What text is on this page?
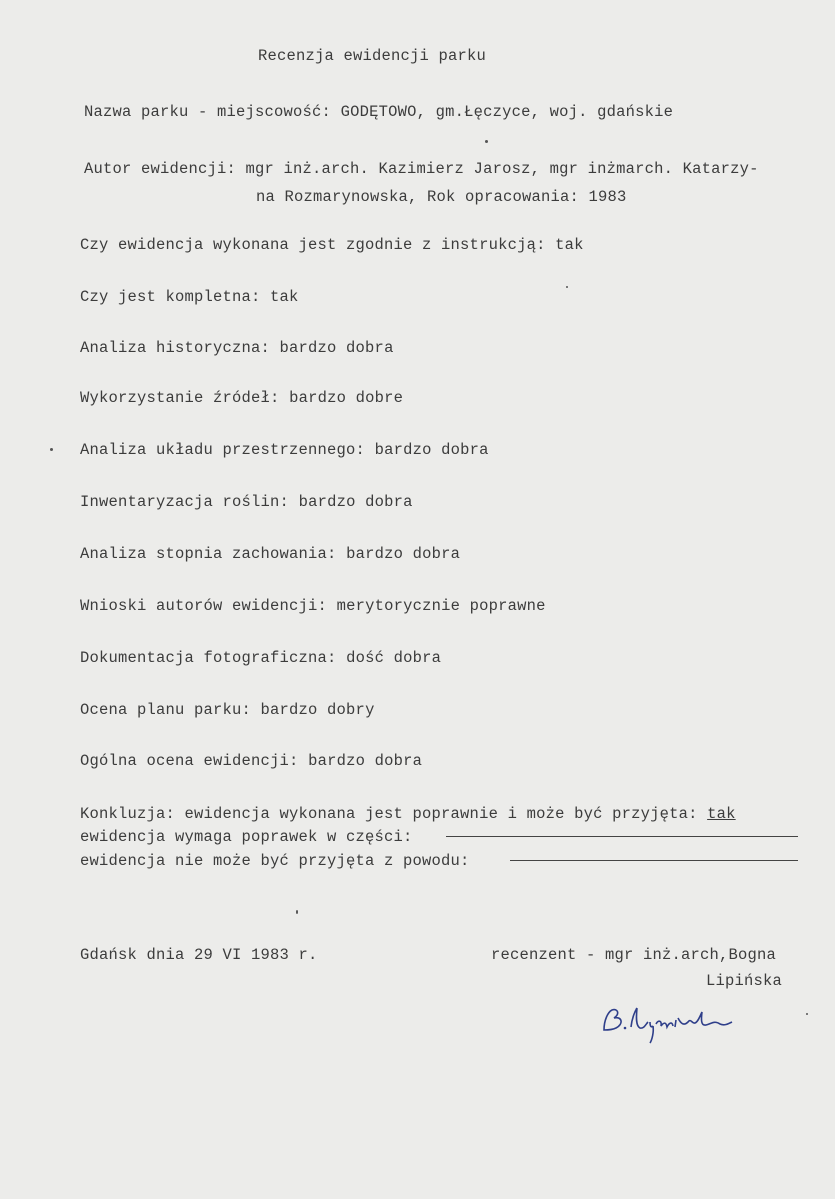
Recenzja ewidencji parku
Nazwa parku - miejscowość: GODĘTOWO, gm.Łęczyce, woj. gdańskie
Autor ewidencji: mgr inż.arch. Kazimierz Jarosz, mgr inżmarch. Katarzy-
na Rozmarynowska, Rok opracowania: 1983
Czy ewidencja wykonana jest zgodnie z instrukcją: tak
Czy jest kompletna: tak
Analiza historyczna: bardzo dobra
Wykorzystanie źródeł: bardzo dobre
Analiza układu przestrzennego: bardzo dobra
Inwentaryzacja roślin: bardzo dobra
Analiza stopnia zachowania: bardzo dobra
Wnioski autorów ewidencji: merytorycznie poprawne
Dokumentacja fotograficzna: dość dobra
Ocena planu parku: bardzo dobry
Ogólna ocena ewidencji: bardzo dobra
Konkluzja: ewidencja wykonana jest poprawnie i może być przyjęta: tak
ewidencja wymaga poprawek w części:
ewidencja nie może być przyjęta z powodu:
Gdańsk dnia 29 VI 1983 r.	recenzent - mgr inż.arch,Bogna
Lipińska
